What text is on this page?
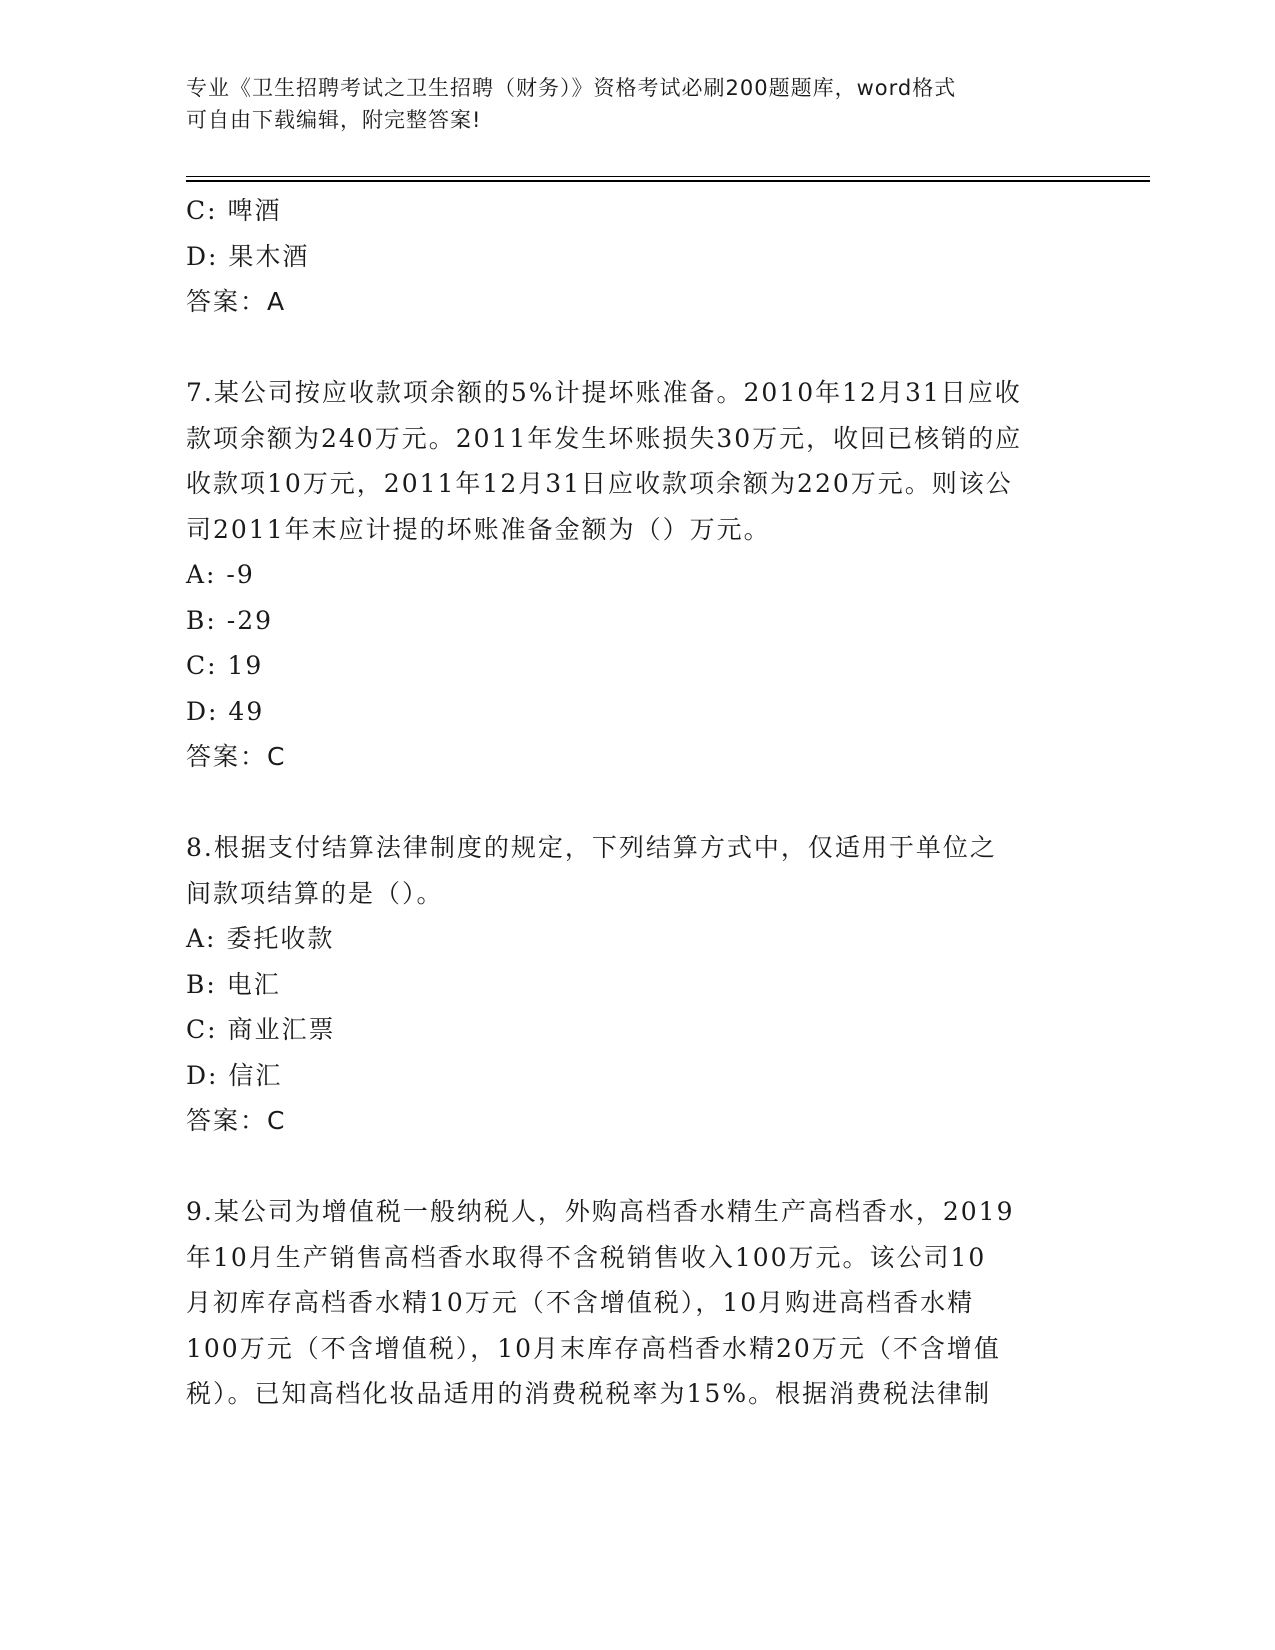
专业《卫生招聘考试之卫生招聘（财务）》资格考试必刷200题题库，word格式
可自由下载编辑，附完整答案!
C: 啤酒
D: 果木酒
答案：A
7.某公司按应收款项余额的5%计提坏账准备。2010年12月31日应收
款项余额为240万元。2011年发生坏账损失30万元，收回已核销的应
收款项10万元，2011年12月31日应收款项余额为220万元。则该公
司2011年末应计提的坏账准备金额为（）万元。
A: -9
B: -29
C: 19
D: 49
答案：C
8.根据支付结算法律制度的规定，下列结算方式中，仅适用于单位之
间款项结算的是（）。
A: 委托收款
B: 电汇
C: 商业汇票
D: 信汇
答案：C
9.某公司为增值税一般纳税人，外购高档香水精生产高档香水，2019
年10月生产销售高档香水取得不含税销售收入100万元。该公司10
月初库存高档香水精10万元（不含增值税），10月购进高档香水精
100万元（不含增值税），10月末库存高档香水精20万元（不含增值
税）。已知高档化妆品适用的消费税税率为15%。根据消费税法律制
